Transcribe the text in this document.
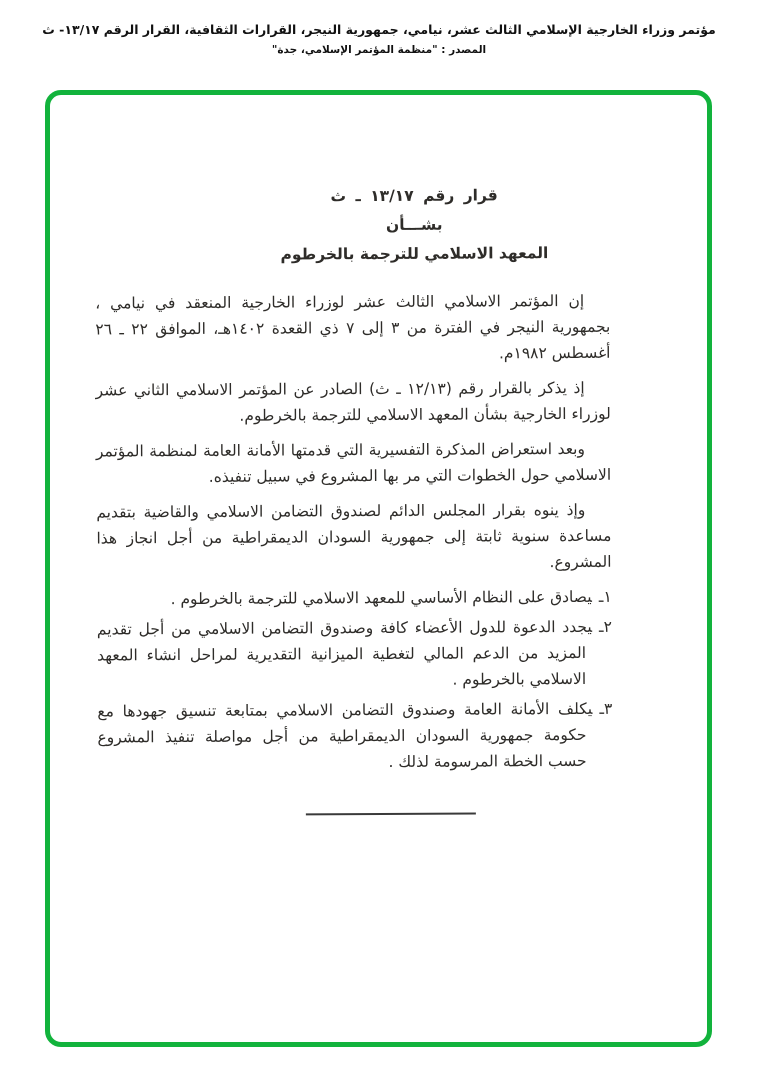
مؤتمر وزراء الخارجية الإسلامي الثالث عشر، نيامي، جمهورية النيجر، القرارات الثقافية، القرار الرقم ١٣/١٧- ث
المصدر : "منظمة المؤتمر الإسلامي، جدة"
قرار رقم ١٣/١٧ ـ ث
بشـــأن
المعهد الاسلامي للترجمة بالخرطوم

إن المؤتمر الاسلامي الثالث عشر لوزراء الخارجية المنعقد في نيامي ، بجمهورية النيجر في الفترة من ٣ إلى ٧ ذي القعدة ١٤٠٢هـ، الموافق ٢٢ ـ ٢٦ أغسطس ١٩٨٢م.

إذ يذكر بالقرار رقم (١٢/١٣ ـ ث) الصادر عن المؤتمر الاسلامي الثاني عشر لوزراء الخارجية بشأن المعهد الاسلامي للترجمة بالخرطوم.

وبعد استعراض المذكرة التفسيرية التي قدمتها الأمانة العامة لمنظمة المؤتمر الاسلامي حول الخطوات التي مر بها المشروع في سبيل تنفيذه.

وإذ ينوه بقرار المجلس الدائم لصندوق التضامن الاسلامي والقاضية بتقديم مساعدة سنوية ثابتة إلى جمهورية السودان الديمقراطية من أجل انجاز هذا المشروع.

١ـيصادق على النظام الأساسي للمعهد الاسلامي للترجمة بالخرطوم .
٢ـيجدد الدعوة للدول الأعضاء كافة وصندوق التضامن الاسلامي من أجل تقديم المزيد من الدعم المالي لتغطية الميزانية التقديرية لمراحل انشاء المعهد الاسلامي بالخرطوم .
٣ـيكلف الأمانة العامة وصندوق التضامن الاسلامي بمتابعة تنسيق جهودها مع حكومة جمهورية السودان الديمقراطية من أجل مواصلة تنفيذ المشروع حسب الخطة المرسومة لذلك .
